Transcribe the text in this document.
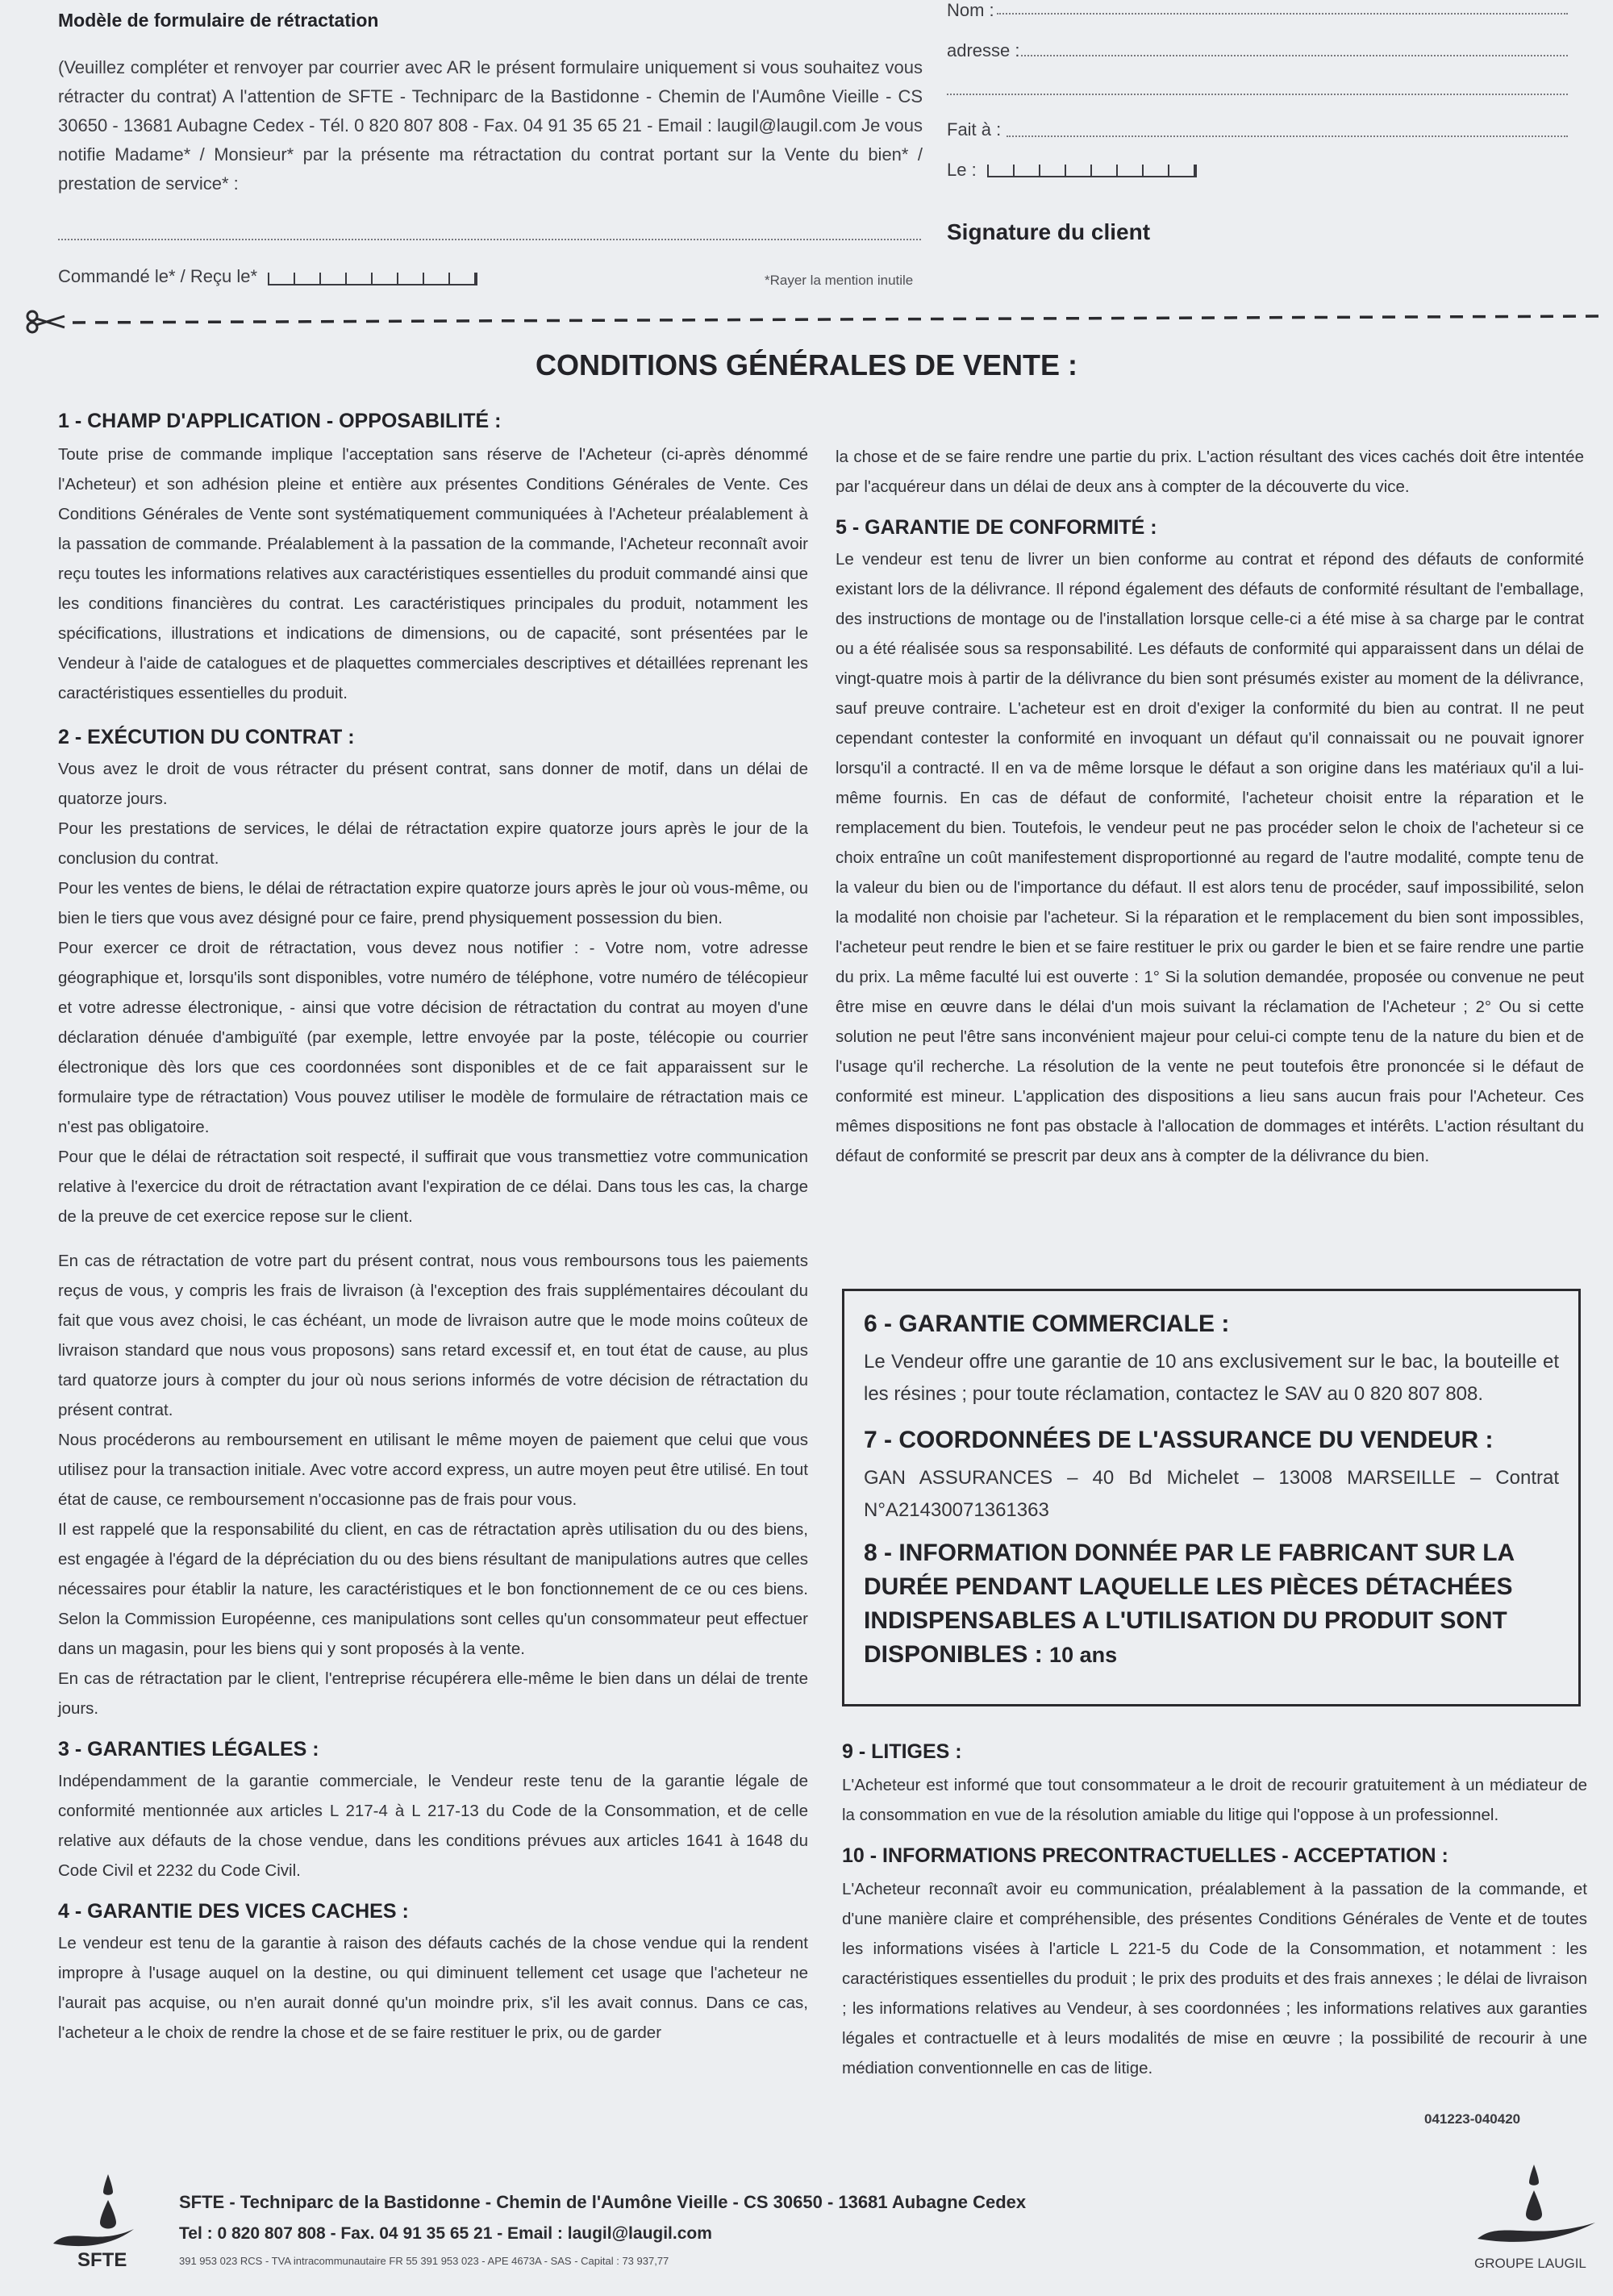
Modèle de formulaire de rétractation
(Veuillez compléter et renvoyer par courrier avec AR le présent formulaire uniquement si vous souhaitez vous rétracter du contrat) A l'attention de SFTE - Techniparc de la Bastidonne - Chemin de l'Aumône Vieille - CS 30650 - 13681 Aubagne Cedex - Tél. 0 820 807 808 - Fax. 04 91 35 65 21 - Email : laugil@laugil.com Je vous notifie Madame* / Monsieur* par la présente ma rétractation du contrat portant sur la Vente du bien* / prestation de service* :
Commandé le* / Reçu le*	*Rayer la mention inutile
Nom :
adresse :
Fait à :
Le :
Signature du client
CONDITIONS GÉNÉRALES DE VENTE :
1 - CHAMP D'APPLICATION - OPPOSABILITÉ :
Toute prise de commande implique l'acceptation sans réserve de l'Acheteur (ci-après dénommé l'Acheteur) et son adhésion pleine et entière aux présentes Conditions Générales de Vente. Ces Conditions Générales de Vente sont systématiquement communiquées à l'Acheteur préalablement à la passation de commande. Préalablement à la passation de la commande, l'Acheteur reconnaît avoir reçu toutes les informations relatives aux caractéristiques essentielles du produit commandé ainsi que les conditions financières du contrat. Les caractéristiques principales du produit, notamment les spécifications, illustrations et indications de dimensions, ou de capacité, sont présentées par le Vendeur à l'aide de catalogues et de plaquettes commerciales descriptives et détaillées reprenant les caractéristiques essentielles du produit.
2 - EXÉCUTION DU CONTRAT :

Vous avez le droit de vous rétracter du présent contrat, sans donner de motif, dans un délai de quatorze jours.

Pour les prestations de services, le délai de rétractation expire quatorze jours après le jour de la conclusion du contrat.

Pour les ventes de biens, le délai de rétractation expire quatorze jours après le jour où vous-même, ou bien le tiers que vous avez désigné pour ce faire, prend physiquement possession du bien.

Pour exercer ce droit de rétractation, vous devez nous notifier : - Votre nom, votre adresse géographique et, lorsqu'ils sont disponibles, votre numéro de téléphone, votre numéro de télécopieur et votre adresse électronique, - ainsi que votre décision de rétractation du contrat au moyen d'une déclaration dénuée d'ambiguïté (par exemple, lettre envoyée par la poste, télécopie ou courrier électronique dès lors que ces coordonnées sont disponibles et de ce fait apparaissent sur le formulaire type de rétractation) Vous pouvez utiliser le modèle de formulaire de rétractation mais ce n'est pas obligatoire.

Pour que le délai de rétractation soit respecté, il suffirait que vous transmettiez votre communication relative à l'exercice du droit de rétractation avant l'expiration de ce délai. Dans tous les cas, la charge de la preuve de cet exercice repose sur le client.

En cas de rétractation de votre part du présent contrat, nous vous remboursons tous les paiements reçus de vous, y compris les frais de livraison (à l'exception des frais supplémentaires découlant du fait que vous avez choisi, le cas échéant, un mode de livraison autre que le mode moins coûteux de livraison standard que nous vous proposons) sans retard excessif et, en tout état de cause, au plus tard quatorze jours à compter du jour où nous serions informés de votre décision de rétractation du présent contrat.

Nous procéderons au remboursement en utilisant le même moyen de paiement que celui que vous utilisez pour la transaction initiale. Avec votre accord express, un autre moyen peut être utilisé. En tout état de cause, ce remboursement n'occasionne pas de frais pour vous.

Il est rappelé que la responsabilité du client, en cas de rétractation après utilisation du ou des biens, est engagée à l'égard de la dépréciation du ou des biens résultant de manipulations autres que celles nécessaires pour établir la nature, les caractéristiques et le bon fonctionnement de ce ou ces biens. Selon la Commission Européenne, ces manipulations sont celles qu'un consommateur peut effectuer dans un magasin, pour les biens qui y sont proposés à la vente.

En cas de rétractation par le client, l'entreprise récupérera elle-même le bien dans un délai de trente jours.

3 - GARANTIES LÉGALES :
Indépendamment de la garantie commerciale, le Vendeur reste tenu de la garantie légale de conformité mentionnée aux articles L 217-4 à L 217-13 du Code de la Consommation, et de celle relative aux défauts de la chose vendue, dans les conditions prévues aux articles 1641 à 1648 du Code Civil et 2232 du Code Civil.
4 - GARANTIE DES VICES CACHES :
Le vendeur est tenu de la garantie à raison des défauts cachés de la chose vendue qui la rendent impropre à l'usage auquel on la destine, ou qui diminuent tellement cet usage que l'acheteur ne l'aurait pas acquise, ou n'en aurait donné qu'un moindre prix, s'il les avait connus. Dans ce cas, l'acheteur a le choix de rendre la chose et de se faire restituer le prix, ou de garder
la chose et de se faire rendre une partie du prix. L'action résultant des vices cachés doit être intentée par l'acquéreur dans un délai de deux ans à compter de la découverte du vice.
5 - GARANTIE DE CONFORMITÉ :
Le vendeur est tenu de livrer un bien conforme au contrat et répond des défauts de conformité existant lors de la délivrance. Il répond également des défauts de conformité résultant de l'emballage, des instructions de montage ou de l'installation lorsque celle-ci a été mise à sa charge par le contrat ou a été réalisée sous sa responsabilité. Les défauts de conformité qui apparaissent dans un délai de vingt-quatre mois à partir de la délivrance du bien sont présumés exister au moment de la délivrance, sauf preuve contraire. L'acheteur est en droit d'exiger la conformité du bien au contrat. Il ne peut cependant contester la conformité en invoquant un défaut qu'il connaissait ou ne pouvait ignorer lorsqu'il a contracté. Il en va de même lorsque le défaut a son origine dans les matériaux qu'il a lui-même fournis. En cas de défaut de conformité, l'acheteur choisit entre la réparation et le remplacement du bien. Toutefois, le vendeur peut ne pas procéder selon le choix de l'acheteur si ce choix entraîne un coût manifestement disproportionné au regard de l'autre modalité, compte tenu de la valeur du bien ou de l'importance du défaut. Il est alors tenu de procéder, sauf impossibilité, selon la modalité non choisie par l'acheteur. Si la réparation et le remplacement du bien sont impossibles, l'acheteur peut rendre le bien et se faire restituer le prix ou garder le bien et se faire rendre une partie du prix. La même faculté lui est ouverte : 1° Si la solution demandée, proposée ou convenue ne peut être mise en œuvre dans le délai d'un mois suivant la réclamation de l'Acheteur ; 2° Ou si cette solution ne peut l'être sans inconvénient majeur pour celui-ci compte tenu de la nature du bien et de l'usage qu'il recherche. La résolution de la vente ne peut toutefois être prononcée si le défaut de conformité est mineur. L'application des dispositions a lieu sans aucun frais pour l'Acheteur. Ces mêmes dispositions ne font pas obstacle à l'allocation de dommages et intérêts. L'action résultant du défaut de conformité se prescrit par deux ans à compter de la délivrance du bien.
6 - GARANTIE COMMERCIALE :
Le Vendeur offre une garantie de 10 ans exclusivement sur le bac, la bouteille et les résines ; pour toute réclamation, contactez le SAV au 0 820 807 808.
7 - COORDONNÉES DE L'ASSURANCE DU VENDEUR :
GAN ASSURANCES – 40 Bd Michelet – 13008 MARSEILLE – Contrat N°A21430071361363
8 - INFORMATION DONNÉE PAR LE FABRICANT SUR LA DURÉE PENDANT LAQUELLE LES PIÈCES DÉTACHÉES INDISPENSABLES A L'UTILISATION DU PRODUIT SONT DISPONIBLES : 10 ans
9 - LITIGES :
L'Acheteur est informé que tout consommateur a le droit de recourir gratuitement à un médiateur de la consommation en vue de la résolution amiable du litige qui l'oppose à un professionnel.
10 - INFORMATIONS PRECONTRACTUELLES - ACCEPTATION :
L'Acheteur reconnaît avoir eu communication, préalablement à la passation de la commande, et d'une manière claire et compréhensible, des présentes Conditions Générales de Vente et de toutes les informations visées à l'article L 221-5 du Code de la Consommation, et notamment : les caractéristiques essentielles du produit ; le prix des produits et des frais annexes ; le délai de livraison ; les informations relatives au Vendeur, à ses coordonnées ; les informations relatives aux garanties légales et contractuelle et à leurs modalités de mise en œuvre ; la possibilité de recourir à une médiation conventionnelle en cas de litige.
041223-040420
SFTE
SFTE - Techniparc de la Bastidonne - Chemin de l'Aumône Vieille - CS 30650 - 13681 Aubagne Cedex
Tel : 0 820 807 808 - Fax. 04 91 35 65 21 - Email : laugil@laugil.com
391 953 023 RCS - TVA intracommunautaire FR 55 391 953 023 - APE 4673A - SAS - Capital : 73 937,77	GROUPE LAUGIL
